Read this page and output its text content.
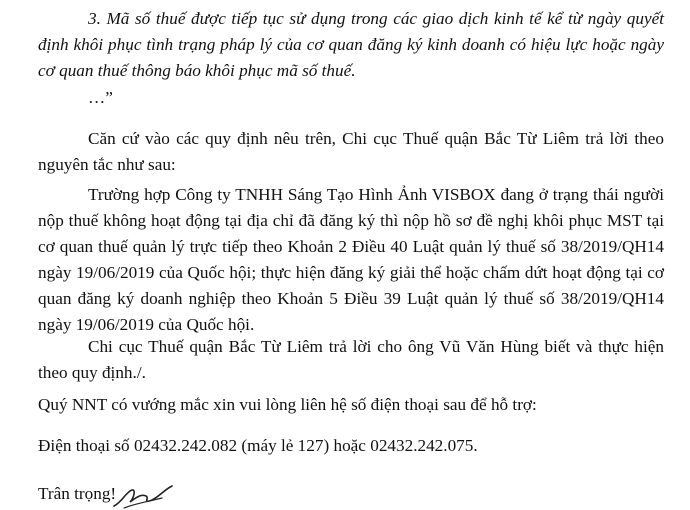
3. Mã số thuế được tiếp tục sử dụng trong các giao dịch kinh tế kể từ ngày quyết định khôi phục tình trạng pháp lý của cơ quan đăng ký kinh doanh có hiệu lực hoặc ngày cơ quan thuế thông báo khôi phục mã số thuế.

…”

Căn cứ vào các quy định nêu trên, Chi cục Thuế quận Bắc Từ Liêm trả lời theo nguyên tắc như sau:

Trường hợp Công ty TNHH Sáng Tạo Hình Ảnh VISBOX đang ở trạng thái người nộp thuế không hoạt động tại địa chỉ đã đăng ký thì nộp hồ sơ đề nghị khôi phục MST tại cơ quan thuế quản lý trực tiếp theo Khoản 2 Điều 40 Luật quản lý thuế số 38/2019/QH14 ngày 19/06/2019 của Quốc hội; thực hiện đăng ký giải thể hoặc chấm dứt hoạt động tại cơ quan đăng ký doanh nghiệp theo Khoản 5 Điều 39 Luật quản lý thuế số 38/2019/QH14 ngày 19/06/2019 của Quốc hội.

Chi cục Thuế quận Bắc Từ Liêm trả lời cho ông Vũ Văn Hùng biết và thực hiện theo quy định./.

Quý NNT có vướng mắc xin vui lòng liên hệ số điện thoại sau để hỗ trợ:

Điện thoại số 02432.242.082 (máy lẻ 127) hoặc 02432.242.075.

Trân trọng!
